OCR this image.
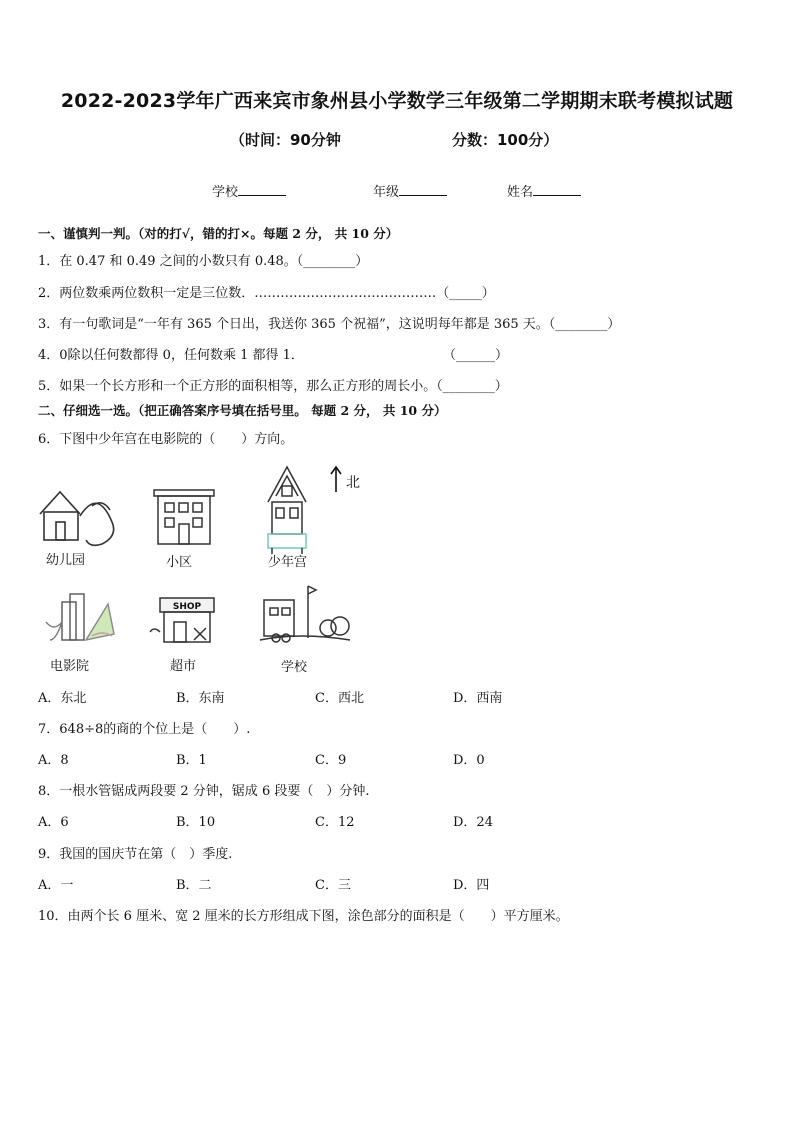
2022-2023学年广西来宾市象州县小学数学三年级第二学期期末联考模拟试题
（时间：90分钟	分数：100分）
学校	年级	姓名
一、谨慎判一判。（对的打√，错的打×。每题 2 分， 共 10 分）
1．在 0.47 和 0.49 之间的小数只有 0.48。（________）
2．两位数乘两位数积一定是三位数．……………………………………（_____）
3．有一句歌词是“一年有 365 个日出，我送你 365 个祝福”，这说明每年都是 365 天。（________）
4．0除以任何数都得 0，任何数乘 1 都得 1．	（______）
5．如果一个长方形和一个正方形的面积相等，那么正方形的周长小。（________）
二、仔细选一选。（把正确答案序号填在括号里。 每题 2 分， 共 10 分）
6．下图中少年宫在电影院的（　　）方向。
SHOP
北
幼儿园	小区	少年宫
电影院	超市	学校
A．东北	B．东南	C．西北	D．西南
7．648÷8的商的个位上是（　　）.
A．8	B．1	C．9	D．0
8．一根水管锯成两段要 2 分钟，锯成 6 段要（　）分钟.
A．6	B．10	C．12	D．24
9．我国的国庆节在第（　）季度.
A．一	B．二	C．三	D．四
10．由两个长 6 厘米、宽 2 厘米的长方形组成下图，涂色部分的面积是（　　）平方厘米。
